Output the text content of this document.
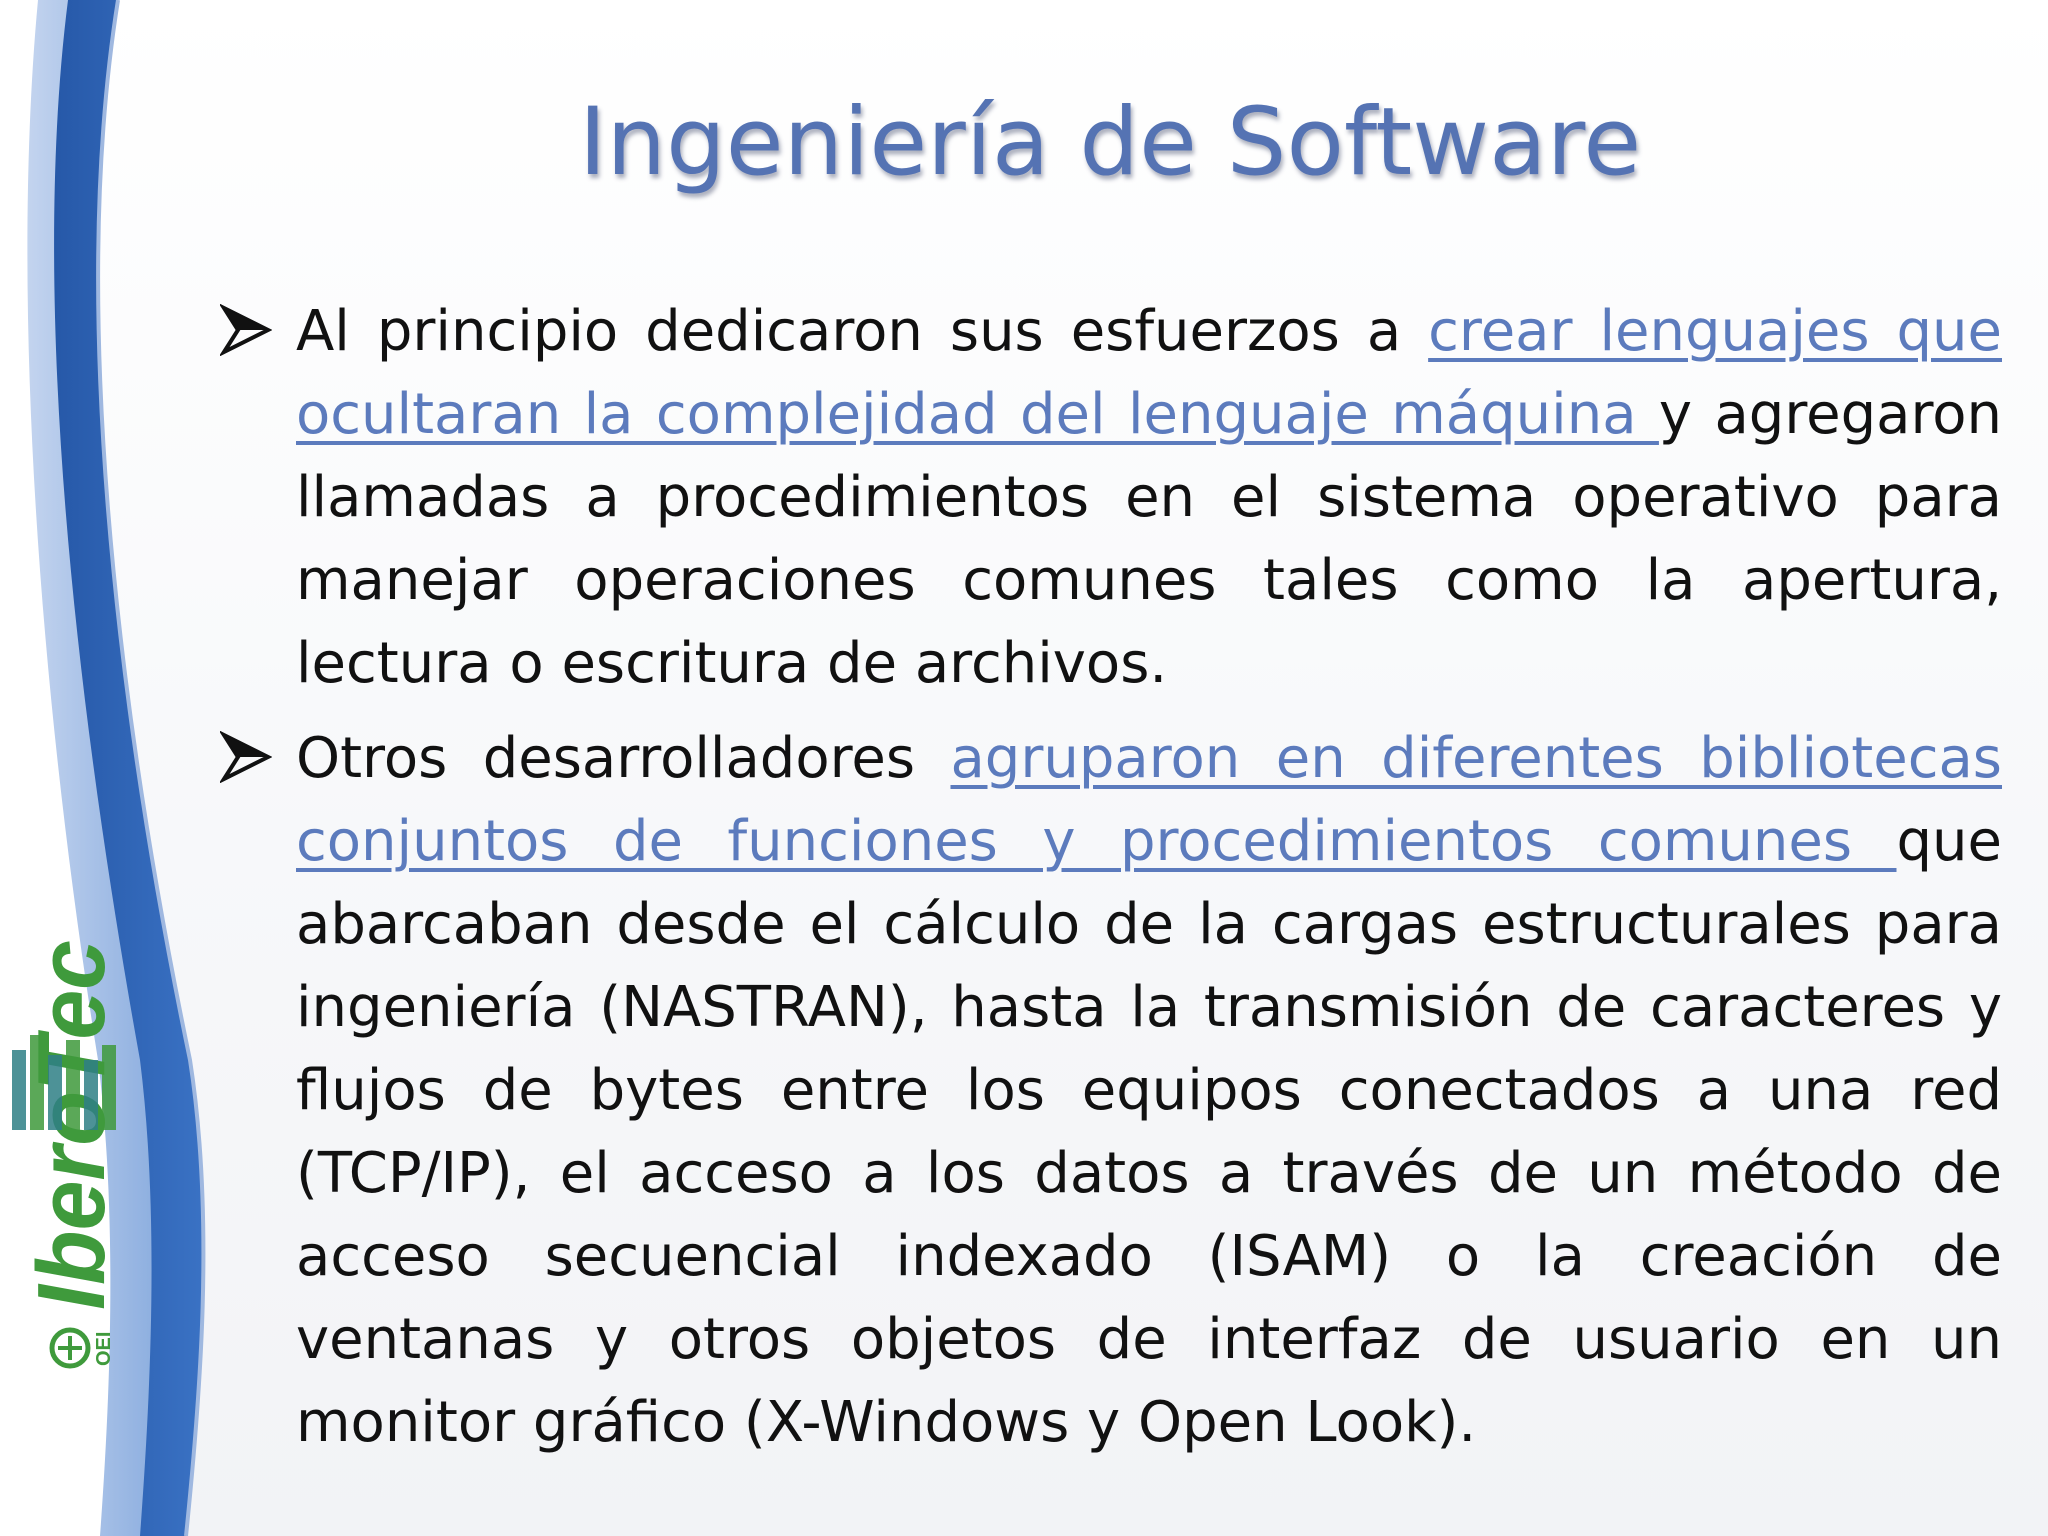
OEI
Ingeniería de Software
Al principio dedicaron sus esfuerzos a crear lenguajes que ocultaran la complejidad del lenguaje máquina y agregaron llamadas a procedimientos en el sistema operativo para manejar operaciones comunes tales como la apertura, lectura o escritura de archivos.
Otros desarrolladores agruparon en diferentes bibliotecas conjuntos de funciones y procedimientos comunes que abarcaban desde el cálculo de la cargas estructurales para ingeniería (NASTRAN), hasta la transmisión de caracteres y flujos de bytes entre los equipos conectados a una red (TCP/IP), el acceso a los datos a través de un método de acceso secuencial indexado (ISAM) o la creación de ventanas y otros objetos de interfaz de usuario en un monitor gráfico (X-Windows y Open Look).
